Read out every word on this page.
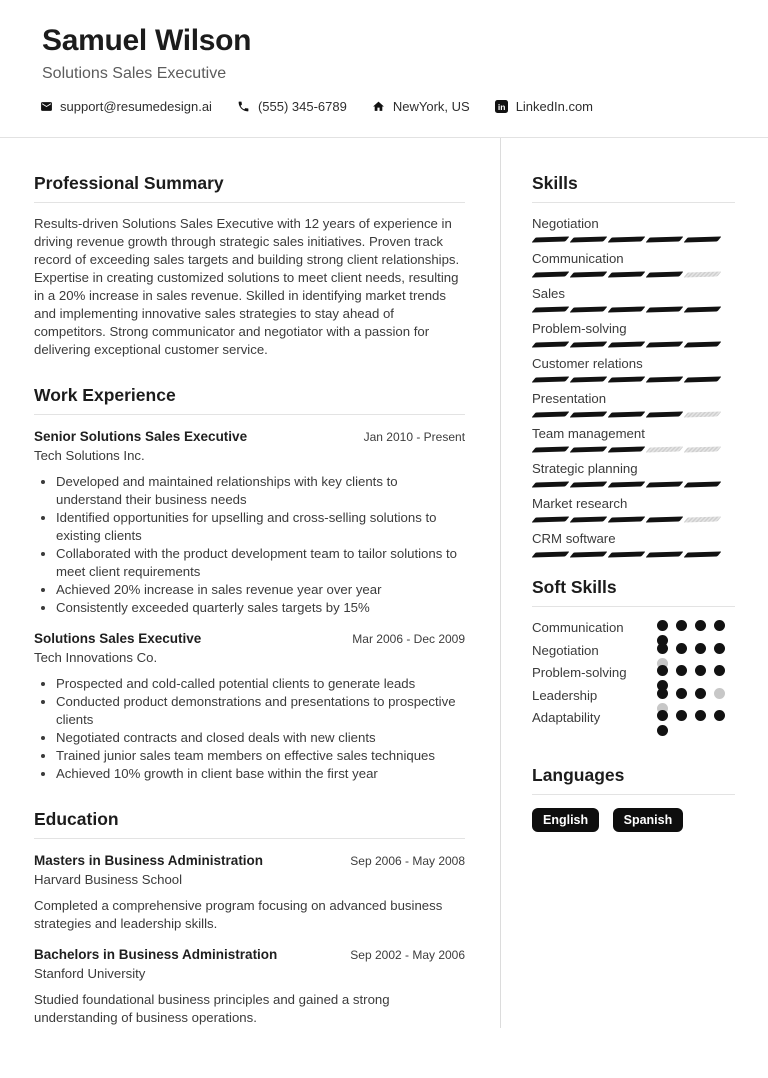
Samuel Wilson
Solutions Sales Executive
support@resumedesign.ai	(555) 345-6789	NewYork, US	in LinkedIn.com
Professional Summary

Results-driven Solutions Sales Executive with 12 years of experience in driving revenue growth through strategic sales initiatives. Proven track record of exceeding sales targets and building strong client relationships. Expertise in creating customized solutions to meet client needs, resulting in a 20% increase in sales revenue. Skilled in identifying market trends and implementing innovative sales strategies to stay ahead of competitors. Strong communicator and negotiator with a passion for delivering exceptional customer service.

Work Experience
Senior Solutions Sales Executive	Jan 2010 - Present
Tech Solutions Inc.
• Developed and maintained relationships with key clients to understand their business needs
• Identified opportunities for upselling and cross-selling solutions to existing clients
• Collaborated with the product development team to tailor solutions to meet client requirements
• Achieved 20% increase in sales revenue year over year
• Consistently exceeded quarterly sales targets by 15%
Solutions Sales Executive	Mar 2006 - Dec 2009
Tech Innovations Co.
• Prospected and cold-called potential clients to generate leads
• Conducted product demonstrations and presentations to prospective clients
• Negotiated contracts and closed deals with new clients
• Trained junior sales team members on effective sales techniques
• Achieved 10% growth in client base within the first year
Education
Masters in Business Administration	Sep 2006 - May 2008
Harvard Business School

Completed a comprehensive program focusing on advanced business strategies and leadership skills.

Bachelors in Business Administration	Sep 2002 - May 2006
Stanford University

Studied foundational business principles and gained a strong understanding of business operations.

Skills
Negotiation
Communication
Sales
Problem-solving
Customer relations
Presentation
Team management
Strategic planning
Market research
CRM software
Soft Skills
Communication
Negotiation
Problem-solving
Leadership
Adaptability
Languages
English	Spanish
